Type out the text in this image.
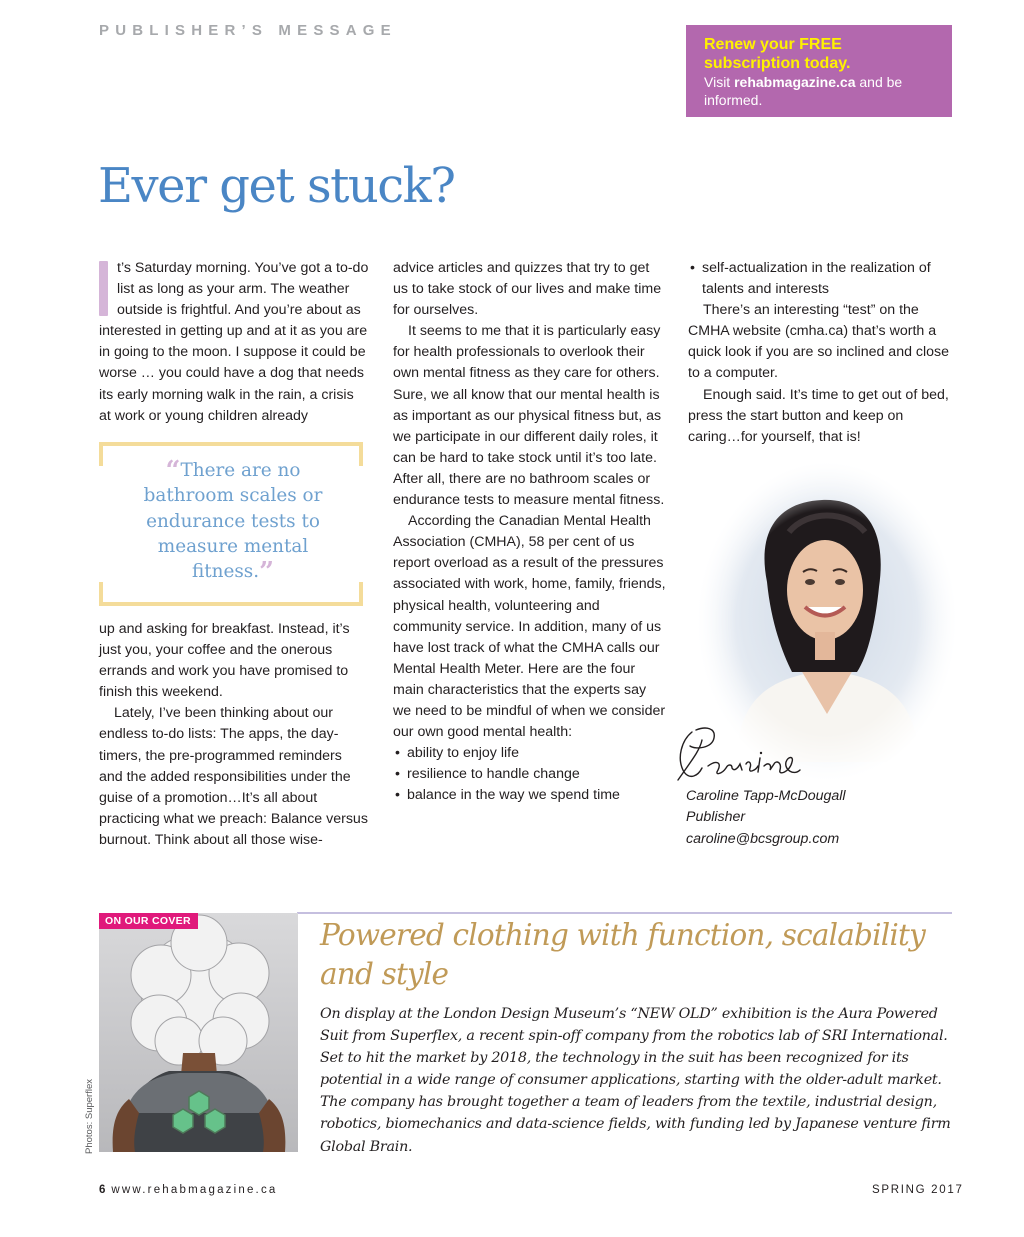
PUBLISHER’S MESSAGE
Renew your FREE subscription today.
Visit rehabmagazine.ca and be informed.
Ever get stuck?

t’s Saturday morning. You’ve got a to-do list as long as your arm. The weather outside is frightful. And you’re about as interested in getting up and at it as you are in going to the moon. I suppose it could be worse … you could have a dog that needs its early morning walk in the rain, a crisis at work or young children already

“There are no bathroom scales or endurance tests to measure mental fitness.”

up and asking for breakfast. Instead, it’s just you, your coffee and the onerous errands and work you have promised to finish this weekend.

Lately, I’ve been thinking about our endless to-do lists: The apps, the day-timers, the pre-programmed reminders and the added responsibilities under the guise of a promotion…It’s all about practicing what we preach: Balance versus burnout. Think about all those wise-

advice articles and quizzes that try to get us to take stock of our lives and make time for ourselves.

It seems to me that it is particularly easy for health professionals to overlook their own mental fitness as they care for others. Sure, we all know that our mental health is as important as our physical fitness but, as we participate in our different daily roles, it can be hard to take stock until it’s too late. After all, there are no bathroom scales or endurance tests to measure mental fitness.

According the Canadian Mental Health Association (CMHA), 58 per cent of us report overload as a result of the pressures associated with work, home, family, friends, physical health, volunteering and community service. In addition, many of us have lost track of what the CMHA calls our Mental Health Meter. Here are the four main characteristics that the experts say we need to be mindful of when we consider our own good mental health:

• ability to enjoy life
• resilience to handle change
• balance in the way we spend time
• self-actualization in the realization of talents and interests

There’s an interesting “test” on the CMHA website (cmha.ca) that’s worth a quick look if you are so inclined and close to a computer.

Enough said. It’s time to get out of bed, press the start button and keep on caring…for yourself, that is!

Caroline Tapp-McDougall
Publisher
caroline@bcsgroup.com
ON OUR COVER
Photos: Superflex
Powered clothing with function, scalability and style
On display at the London Design Museum’s “NEW OLD” exhibition is the Aura Powered Suit from Superflex, a recent spin-off company from the robotics lab of SRI International. Set to hit the market by 2018, the technology in the suit has been recognized for its potential in a wide range of consumer applications, starting with the older-adult market. The company has brought together a team of leaders from the textile, industrial design, robotics, biomechanics and data-science fields, with funding led by Japanese venture firm Global Brain.
6 www.rehabmagazine.ca	SPRING 2017
